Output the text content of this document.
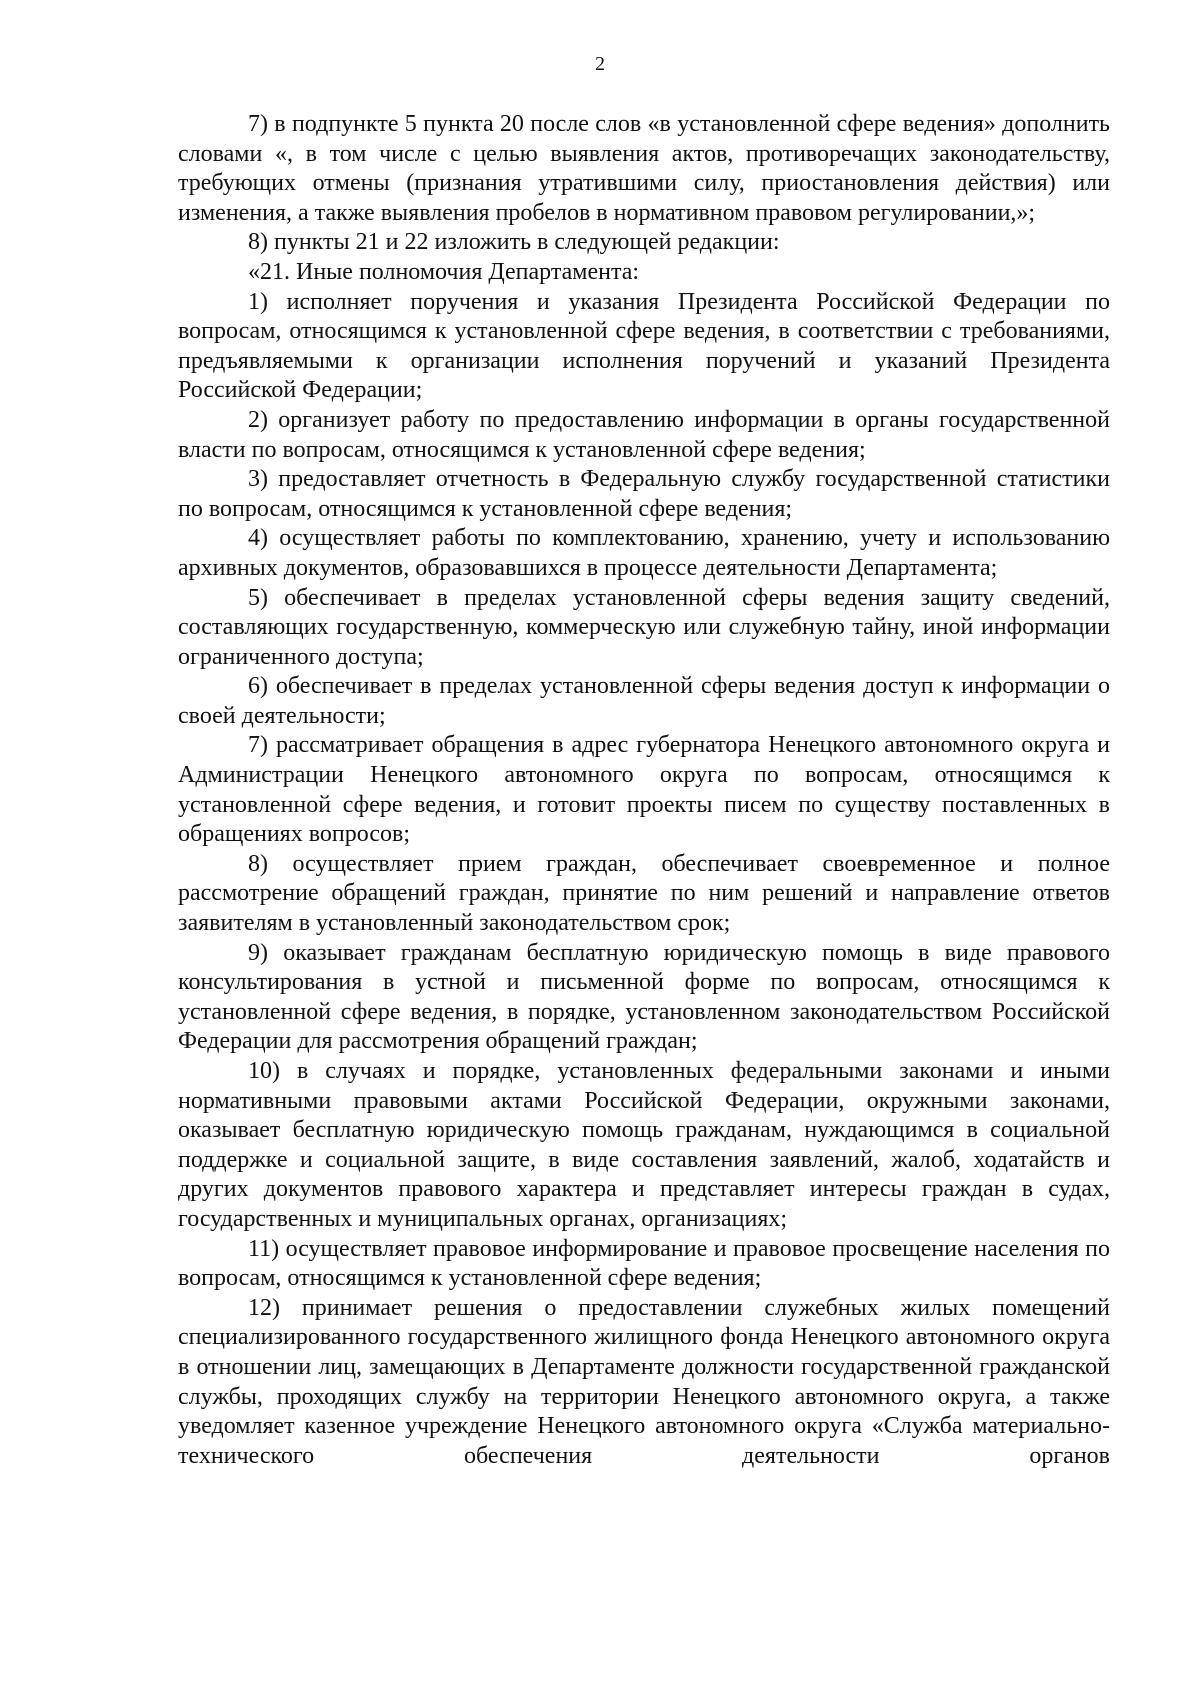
2

7) в подпункте 5 пункта 20 после слов «в установленной сфере ведения» дополнить словами «, в том числе с целью выявления актов, противоречащих законодательству, требующих отмены (признания утратившими силу, приостановления действия) или изменения, а также выявления пробелов в нормативном правовом регулировании,»;

8) пункты 21 и 22 изложить в следующей редакции:

«21. Иные полномочия Департамента:

1) исполняет поручения и указания Президента Российской Федерации по вопросам, относящимся к установленной сфере ведения, в соответствии с требованиями, предъявляемыми к организации исполнения поручений и указаний Президента Российской Федерации;

2) организует работу по предоставлению информации в органы государственной власти по вопросам, относящимся к установленной сфере ведения;

3) предоставляет отчетность в Федеральную службу государственной статистики по вопросам, относящимся к установленной сфере ведения;

4) осуществляет работы по комплектованию, хранению, учету и использованию архивных документов, образовавшихся в процессе деятельности Департамента;

5) обеспечивает в пределах установленной сферы ведения защиту сведений, составляющих государственную, коммерческую или служебную тайну, иной информации ограниченного доступа;

6) обеспечивает в пределах установленной сферы ведения доступ к информации о своей деятельности;

7) рассматривает обращения в адрес губернатора Ненецкого автономного округа и Администрации Ненецкого автономного округа по вопросам, относящимся к установленной сфере ведения, и готовит проекты писем по существу поставленных в обращениях вопросов;

8) осуществляет прием граждан, обеспечивает своевременное и полное рассмотрение обращений граждан, принятие по ним решений и направление ответов заявителям в установленный законодательством срок;

9) оказывает гражданам бесплатную юридическую помощь в виде правового консультирования в устной и письменной форме по вопросам, относящимся к установленной сфере ведения, в порядке, установленном законодательством Российской Федерации для рассмотрения обращений граждан;

10) в случаях и порядке, установленных федеральными законами и иными нормативными правовыми актами Российской Федерации, окружными законами, оказывает бесплатную юридическую помощь гражданам, нуждающимся в социальной поддержке и социальной защите, в виде составления заявлений, жалоб, ходатайств и других документов правового характера и представляет интересы граждан в судах, государственных и муниципальных органах, организациях;

11) осуществляет правовое информирование и правовое просвещение населения по вопросам, относящимся к установленной сфере ведения;

12) принимает решения о предоставлении служебных жилых помещений специализированного государственного жилищного фонда Ненецкого автономного округа в отношении лиц, замещающих в Департаменте должности государственной гражданской службы, проходящих службу на территории Ненецкого автономного округа, а также уведомляет казенное учреждение Ненецкого автономного округа «Служба материально-технического обеспечения деятельности органов
